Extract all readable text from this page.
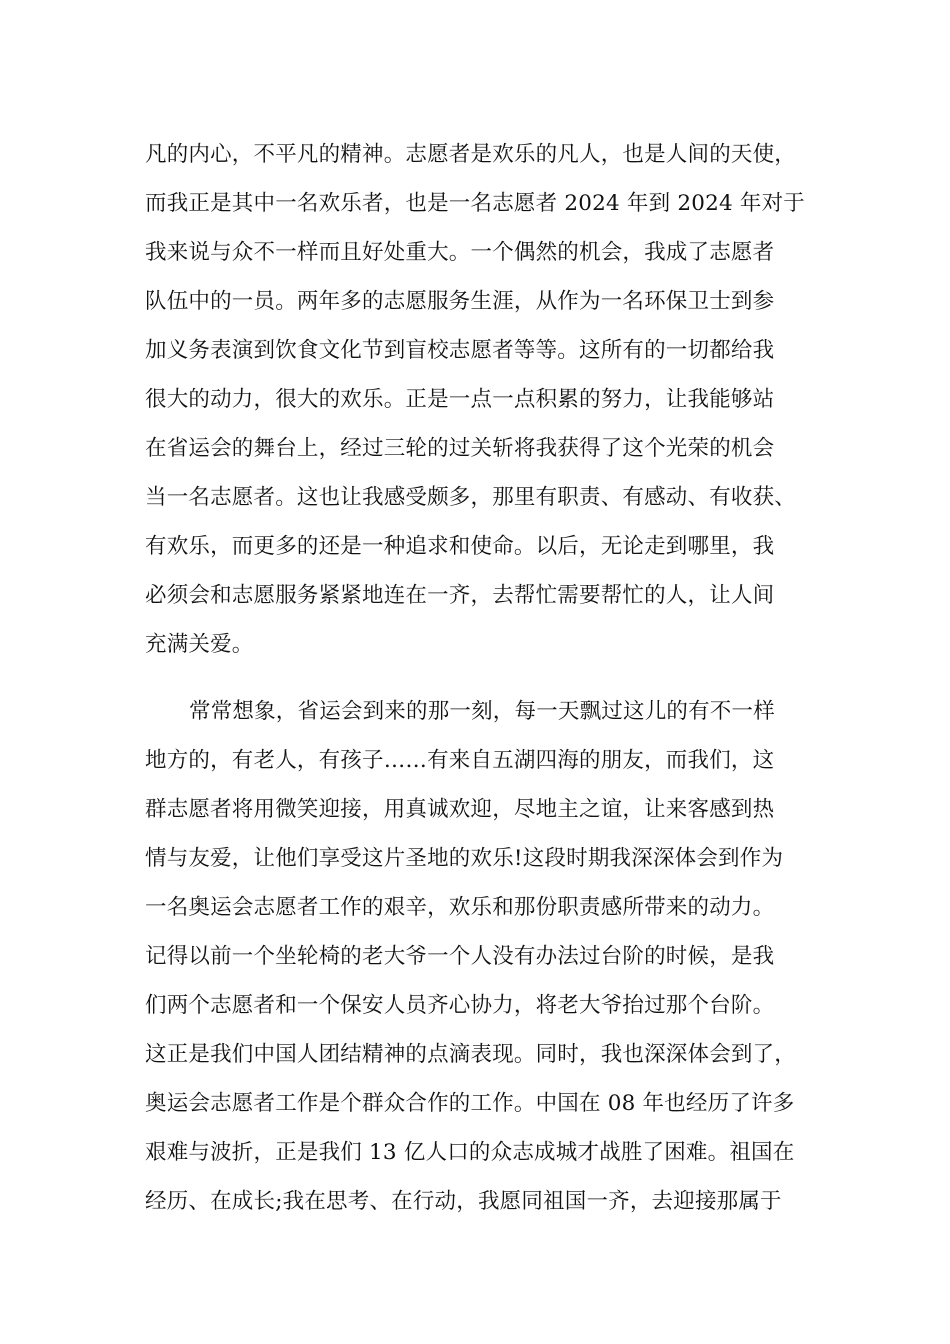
凡的内心，不平凡的精神。志愿者是欢乐的凡人，也是人间的天使，
而我正是其中一名欢乐者，也是一名志愿者 2024 年到 2024 年对于
我来说与众不一样而且好处重大。一个偶然的机会，我成了志愿者
队伍中的一员。两年多的志愿服务生涯，从作为一名环保卫士到参
加义务表演到饮食文化节到盲校志愿者等等。这所有的一切都给我
很大的动力，很大的欢乐。正是一点一点积累的努力，让我能够站
在省运会的舞台上，经过三轮的过关斩将我获得了这个光荣的机会
当一名志愿者。这也让我感受颇多，那里有职责、有感动、有收获、
有欢乐，而更多的还是一种追求和使命。以后，无论走到哪里，我
必须会和志愿服务紧紧地连在一齐，去帮忙需要帮忙的人，让人间
充满关爱。
常常想象，省运会到来的那一刻，每一天飘过这儿的有不一样
地方的，有老人，有孩子……有来自五湖四海的朋友，而我们，这
群志愿者将用微笑迎接，用真诚欢迎，尽地主之谊，让来客感到热
情与友爱，让他们享受这片圣地的欢乐!这段时期我深深体会到作为
一名奥运会志愿者工作的艰辛，欢乐和那份职责感所带来的动力。
记得以前一个坐轮椅的老大爷一个人没有办法过台阶的时候，是我
们两个志愿者和一个保安人员齐心协力，将老大爷抬过那个台阶。
这正是我们中国人团结精神的点滴表现。同时，我也深深体会到了，
奥运会志愿者工作是个群众合作的工作。中国在 08 年也经历了许多
艰难与波折，正是我们 13 亿人口的众志成城才战胜了困难。祖国在
经历、在成长;我在思考、在行动，我愿同祖国一齐，去迎接那属于
